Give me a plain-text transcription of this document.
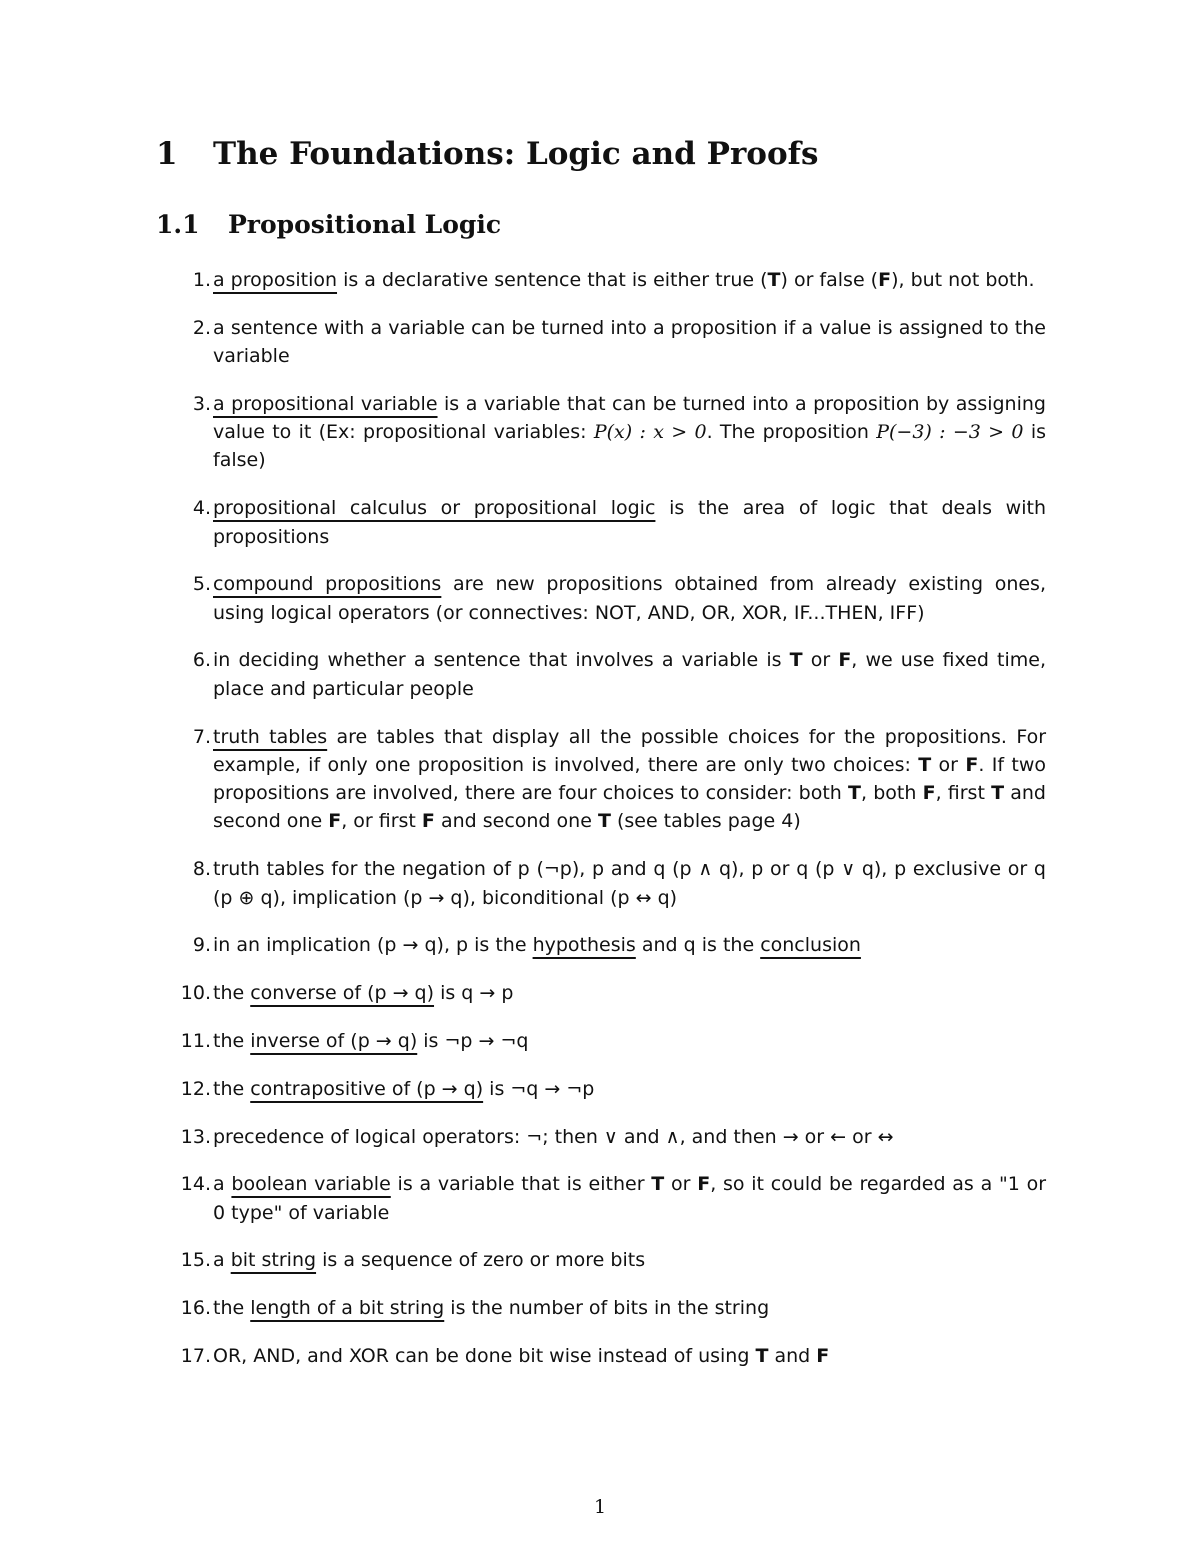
1 The Foundations: Logic and Proofs
1.1 Propositional Logic
1. a proposition is a declarative sentence that is either true (T) or false (F), but not both.
2. a sentence with a variable can be turned into a proposition if a value is assigned to the variable
3. a propositional variable is a variable that can be turned into a proposition by assigning value to it (Ex: propositional variables: P(x) : x > 0. The proposition P(−3) : −3 > 0 is false)
4. propositional calculus or propositional logic is the area of logic that deals with propositions
5. compound propositions are new propositions obtained from already existing ones, using logical operators (or connectives: NOT, AND, OR, XOR, IF...THEN, IFF)
6. in deciding whether a sentence that involves a variable is T or F, we use fixed time, place and particular people
7. truth tables are tables that display all the possible choices for the propositions. For example, if only one proposition is involved, there are only two choices: T or F. If two propositions are involved, there are four choices to consider: both T, both F, first T and second one F, or first F and second one T (see tables page 4)
8. truth tables for the negation of p (¬p), p and q (p ∧ q), p or q (p ∨ q), p exclusive or q (p ⊕ q), implication (p → q), biconditional (p ↔ q)
9. in an implication (p → q), p is the hypothesis and q is the conclusion
10. the converse of (p → q) is q → p
11. the inverse of (p → q) is ¬p → ¬q
12. the contrapositive of (p → q) is ¬q → ¬p
13. precedence of logical operators: ¬; then ∨ and ∧, and then → or ← or ↔
14. a boolean variable is a variable that is either T or F, so it could be regarded as a "1 or 0 type" of variable
15. a bit string is a sequence of zero or more bits
16. the length of a bit string is the number of bits in the string
17. OR, AND, and XOR can be done bit wise instead of using T and F
1
